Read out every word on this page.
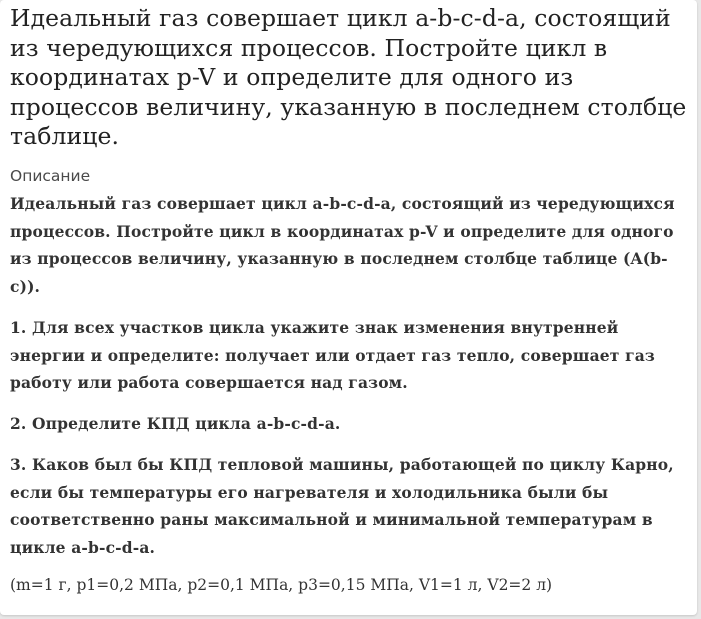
Идеальный газ совершает цикл a-b-c-d-a, состоящий из чередующихся процессов. Постройте цикл в координатах p-V и определите для одного из процессов величину, указанную в последнем столбце таблице.
Описание

Идеальный газ совершает цикл a-b-c-d-a, состоящий из чередующихся процессов. Постройте цикл в координатах p-V и определите для одного из процессов величину, указанную в последнем столбце таблице (A(b-c)).

1. Для всех участков цикла укажите знак изменения внутренней энергии и определите: получает или отдает газ тепло, совершает газ работу или работа совершается над газом.

2. Определите КПД цикла a-b-c-d-a.

3. Каков был бы КПД тепловой машины, работающей по циклу Карно, если бы температуры его нагревателя и холодильника были бы соответственно раны максимальной и минимальной температурам в цикле a-b-c-d-a.

(m=1 г, p1=0,2 МПа, p2=0,1 МПа, p3=0,15 МПа, V1=1 л, V2=2 л)
